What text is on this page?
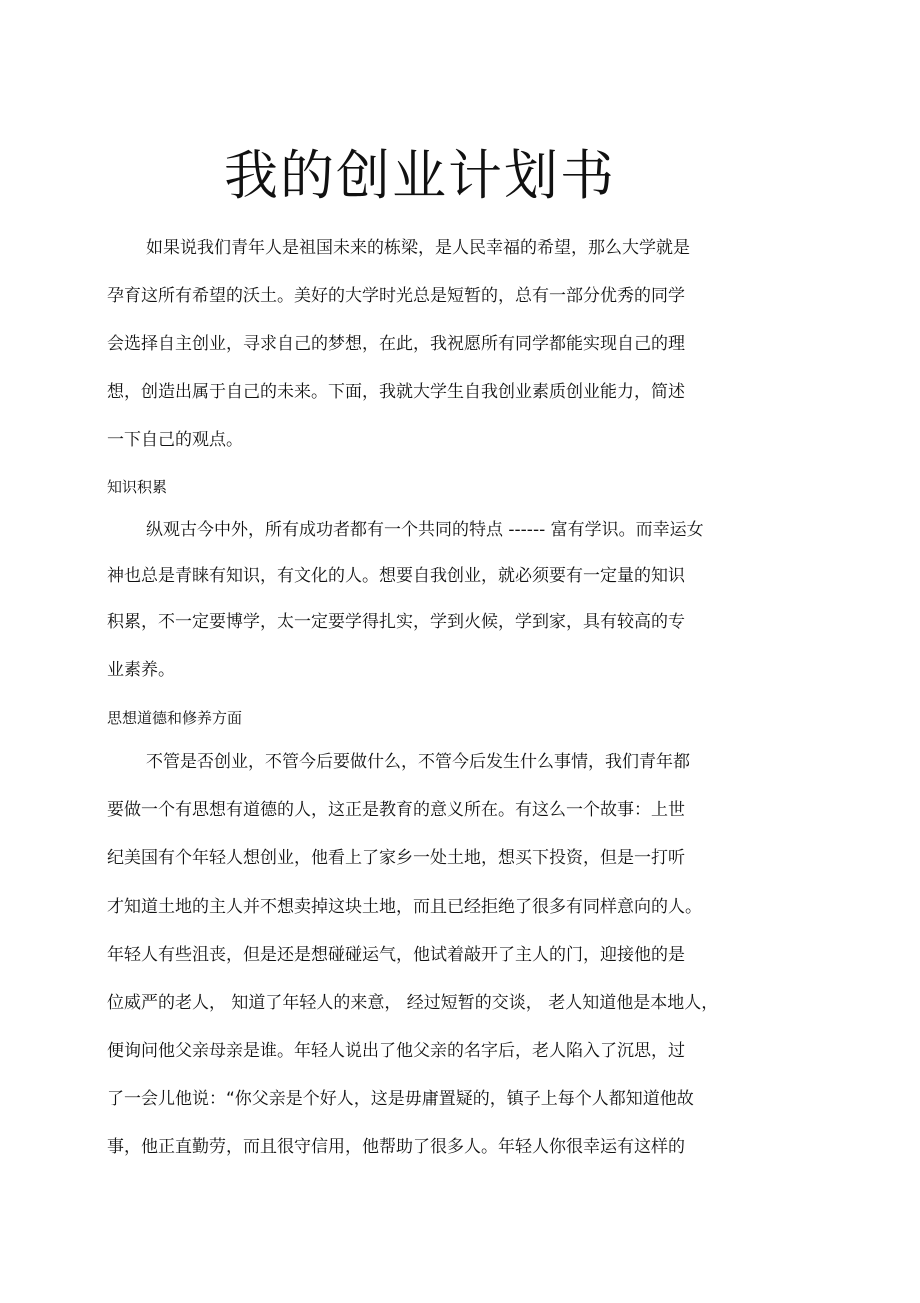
我的创业计划书

如果说我们青年人是祖国未来的栋梁，是人民幸福的希望，那么大学就是

孕育这所有希望的沃土。美好的大学时光总是短暂的，总有一部分优秀的同学

会选择自主创业，寻求自己的梦想，在此，我祝愿所有同学都能实现自己的理

想，创造出属于自己的未来。下面，我就大学生自我创业素质创业能力，简述

一下自己的观点。

知识积累

纵观古今中外，所有成功者都有一个共同的特点 ------ 富有学识。而幸运女

神也总是青睐有知识，有文化的人。想要自我创业，就必须要有一定量的知识

积累，不一定要博学，太一定要学得扎实，学到火候，学到家，具有较高的专

业素养。

思想道德和修养方面

不管是否创业，不管今后要做什么，不管今后发生什么事情，我们青年都

要做一个有思想有道德的人，这正是教育的意义所在。有这么一个故事：上世

纪美国有个年轻人想创业，他看上了家乡一处土地，想买下投资，但是一打听

才知道土地的主人并不想卖掉这块土地，而且已经拒绝了很多有同样意向的人。

年轻人有些沮丧，但是还是想碰碰运气，他试着敲开了主人的门，迎接他的是

位威严的老人， 知道了年轻人的来意， 经过短暂的交谈， 老人知道他是本地人，

便询问他父亲母亲是谁。年轻人说出了他父亲的名字后，老人陷入了沉思，过

了一会儿他说：“你父亲是个好人，这是毋庸置疑的，镇子上每个人都知道他故

事，他正直勤劳，而且很守信用，他帮助了很多人。年轻人你很幸运有这样的
